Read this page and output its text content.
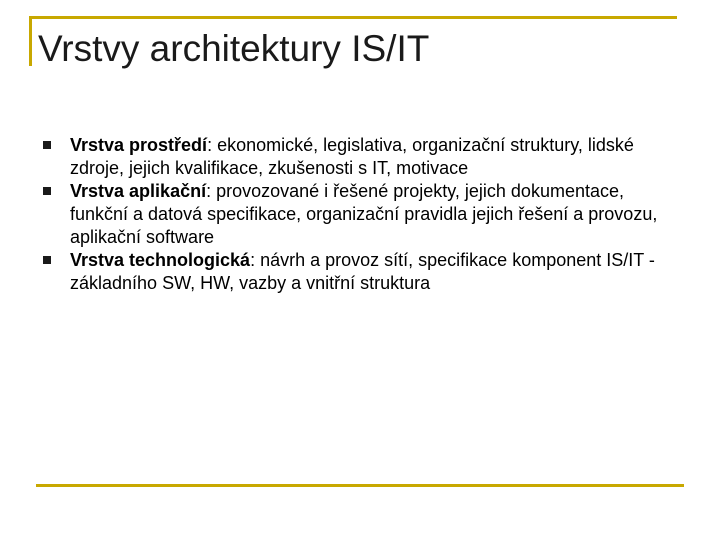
Vrstvy architektury IS/IT
Vrstva prostředí: ekonomické, legislativa, organizační struktury, lidské zdroje, jejich kvalifikace, zkušenosti s IT, motivace
Vrstva aplikační: provozované i řešené projekty, jejich dokumentace, funkční a datová specifikace, organizační pravidla jejich řešení a provozu, aplikační software
Vrstva technologická: návrh a provoz sítí, specifikace komponent IS/IT - základního SW, HW, vazby a vnitřní struktura
